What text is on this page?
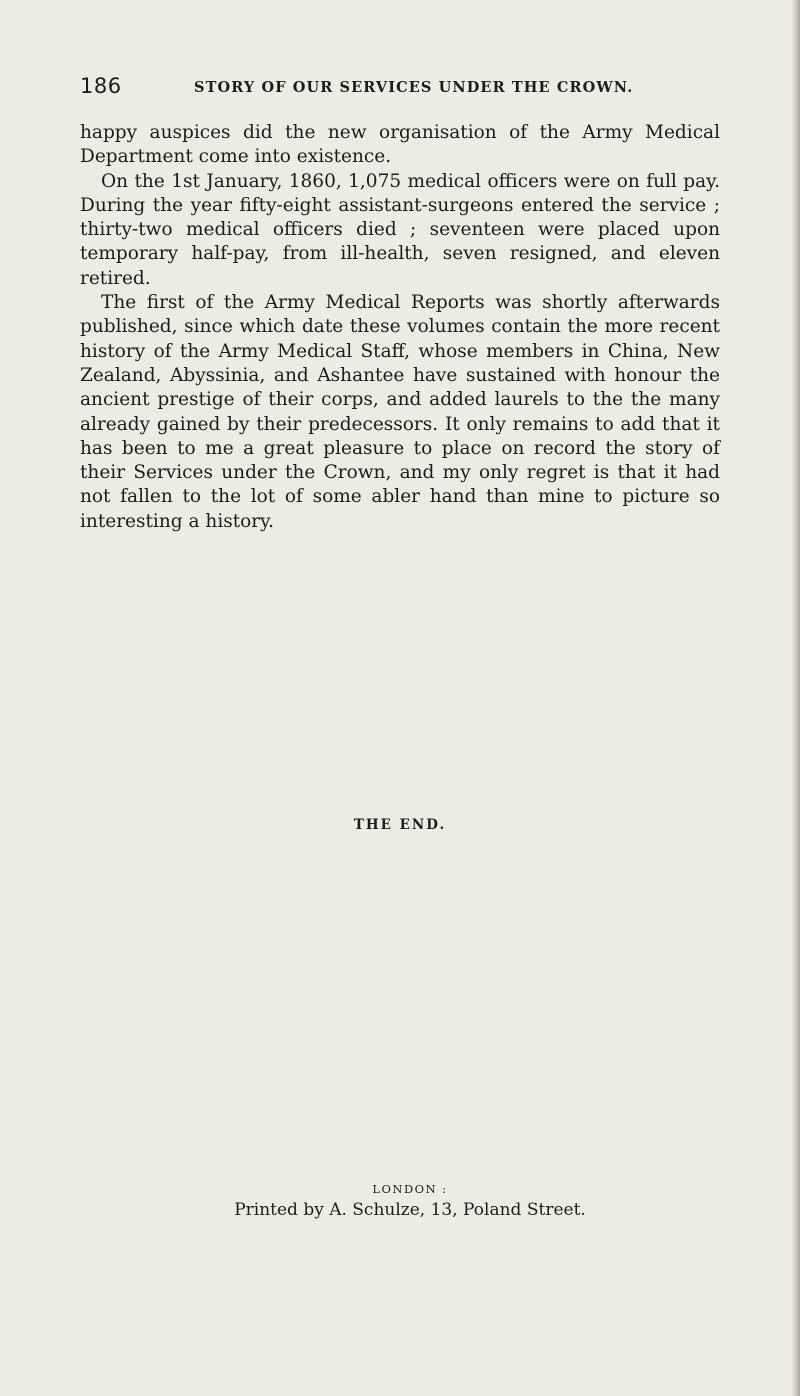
186	STORY OF OUR SERVICES UNDER THE CROWN.

happy auspices did the new organisation of the Army Medical Department come into existence.

On the 1st January, 1860, 1,075 medical officers were on full pay. During the year fifty-eight assistant-surgeons entered the service ; thirty-two medical officers died ; seventeen were placed upon temporary half-pay, from ill-health, seven resigned, and eleven retired.

The first of the Army Medical Reports was shortly afterwards published, since which date these volumes contain the more recent history of the Army Medical Staff, whose members in China, New Zealand, Abyssinia, and Ashantee have sustained with honour the ancient prestige of their corps, and added laurels to the the many already gained by their predecessors. It only remains to add that it has been to me a great pleasure to place on record the story of their Services under the Crown, and my only regret is that it had not fallen to the lot of some abler hand than mine to picture so interesting a history.

THE END.
LONDON :
Printed by A. Schulze, 13, Poland Street.
